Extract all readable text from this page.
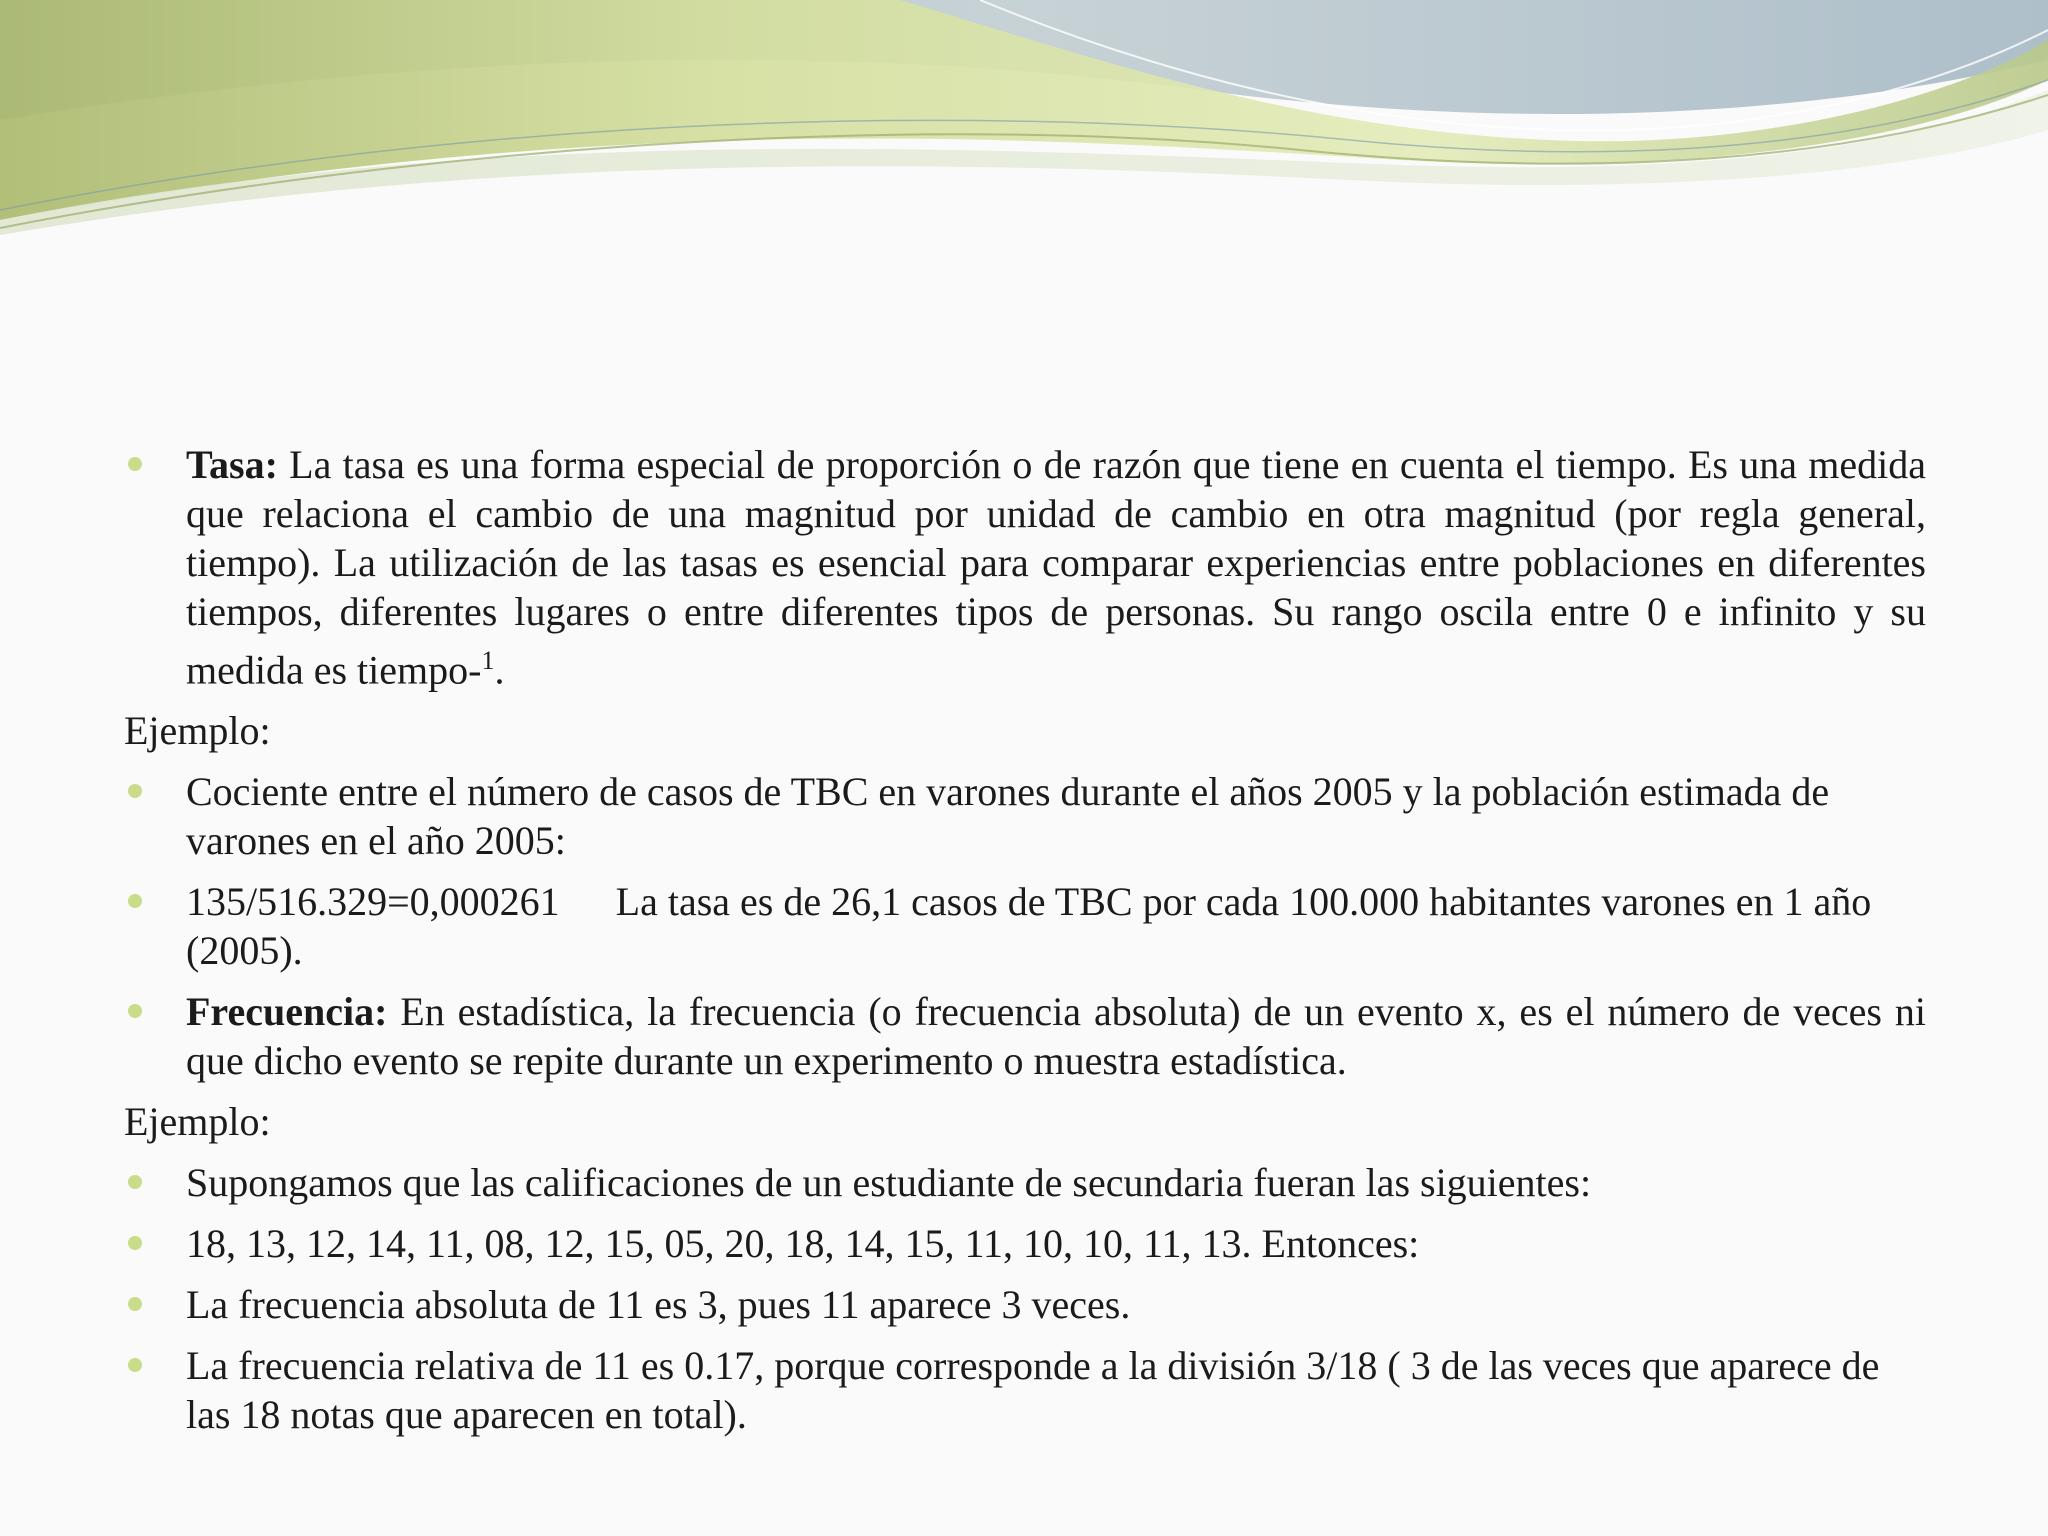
Tasa: La tasa es una forma especial de proporción o de razón que tiene en cuenta el tiempo. Es una medida que relaciona el cambio de una magnitud por unidad de cambio en otra magnitud (por regla general, tiempo). La utilización de las tasas es esencial para comparar experiencias entre poblaciones en diferentes tiempos, diferentes lugares o entre diferentes tipos de personas. Su rango oscila entre 0 e infinito y su medida es tiempo-$^1$.
Ejemplo:
Cociente entre el número de casos de TBC en varones durante el años 2005 y la población estimada de varones en el año 2005:
135/516.329=0,000261 La tasa es de 26,1 casos de TBC por cada 100.000 habitantes varones en 1 año (2005).
Frecuencia: En estadística, la frecuencia (o frecuencia absoluta) de un evento x, es el número de veces ni que dicho evento se repite durante un experimento o muestra estadística.
Ejemplo:
Supongamos que las calificaciones de un estudiante de secundaria fueran las siguientes:
18, 13, 12, 14, 11, 08, 12, 15, 05, 20, 18, 14, 15, 11, 10, 10, 11, 13. Entonces:
La frecuencia absoluta de 11 es 3, pues 11 aparece 3 veces.
La frecuencia relativa de 11 es 0.17, porque corresponde a la división 3/18 ( 3 de las veces que aparece de las 18 notas que aparecen en total).
